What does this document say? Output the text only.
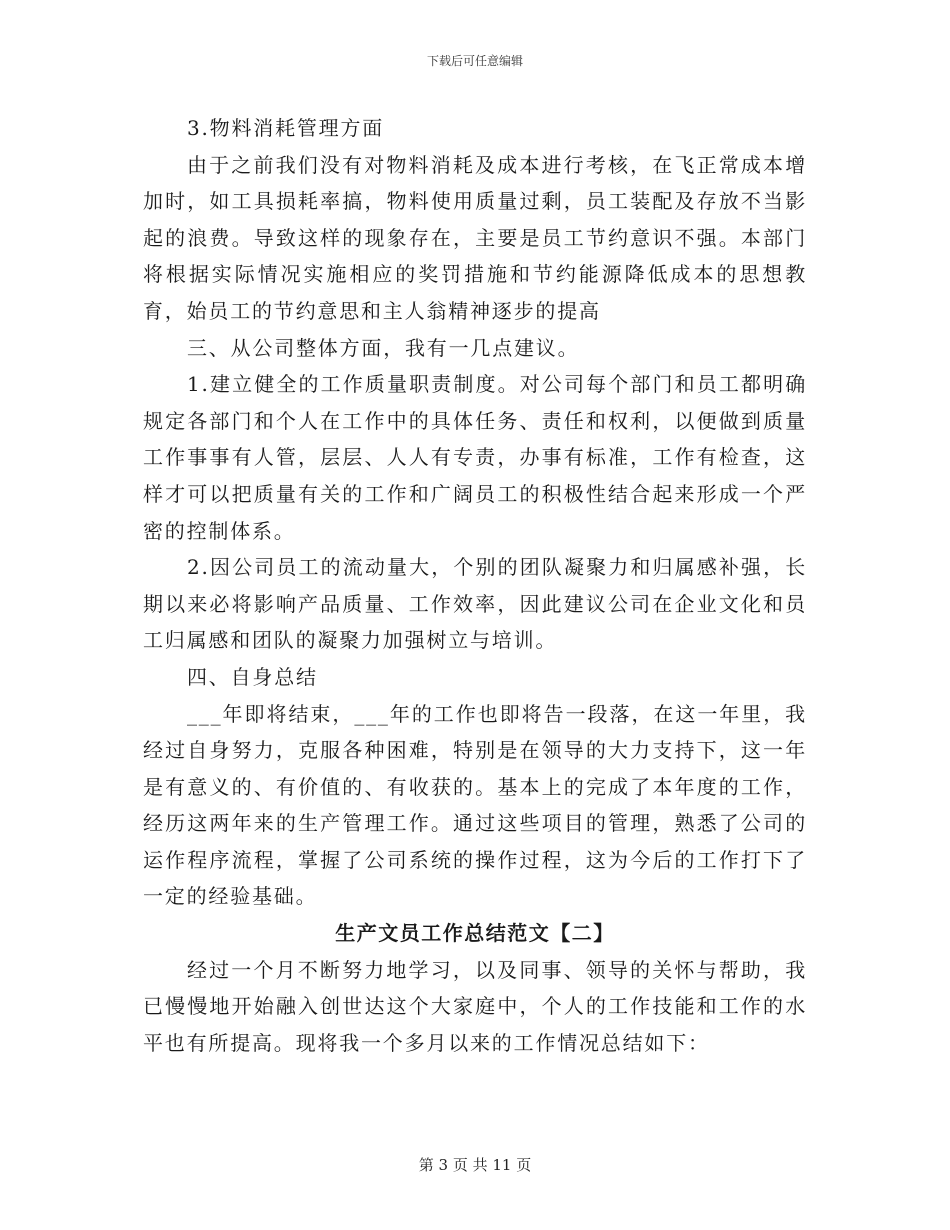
下载后可任意编辑

3.物料消耗管理方面

由于之前我们没有对物料消耗及成本进行考核，在飞正常成本增加时，如工具损耗率搞，物料使用质量过剩，员工装配及存放不当影起的浪费。导致这样的现象存在，主要是员工节约意识不强。本部门将根据实际情况实施相应的奖罚措施和节约能源降低成本的思想教育，始员工的节约意思和主人翁精神逐步的提高

三、从公司整体方面，我有一几点建议。

1.建立健全的工作质量职责制度。对公司每个部门和员工都明确规定各部门和个人在工作中的具体任务、责任和权利，以便做到质量工作事事有人管，层层、人人有专责，办事有标准，工作有检查，这样才可以把质量有关的工作和广阔员工的积极性结合起来形成一个严密的控制体系。

2.因公司员工的流动量大，个别的团队凝聚力和归属感补强，长期以来必将影响产品质量、工作效率，因此建议公司在企业文化和员工归属感和团队的凝聚力加强树立与培训。

四、自身总结

___年即将结束，___年的工作也即将告一段落，在这一年里，我经过自身努力，克服各种困难，特别是在领导的大力支持下，这一年是有意义的、有价值的、有收获的。基本上的完成了本年度的工作，经历这两年来的生产管理工作。通过这些项目的管理，熟悉了公司的运作程序流程，掌握了公司系统的操作过程，这为今后的工作打下了一定的经验基础。

生产文员工作总结范文【二】

经过一个月不断努力地学习，以及同事、领导的关怀与帮助，我已慢慢地开始融入创世达这个大家庭中，个人的工作技能和工作的水平也有所提高。现将我一个多月以来的工作情况总结如下：

第 3 页 共 11 页
